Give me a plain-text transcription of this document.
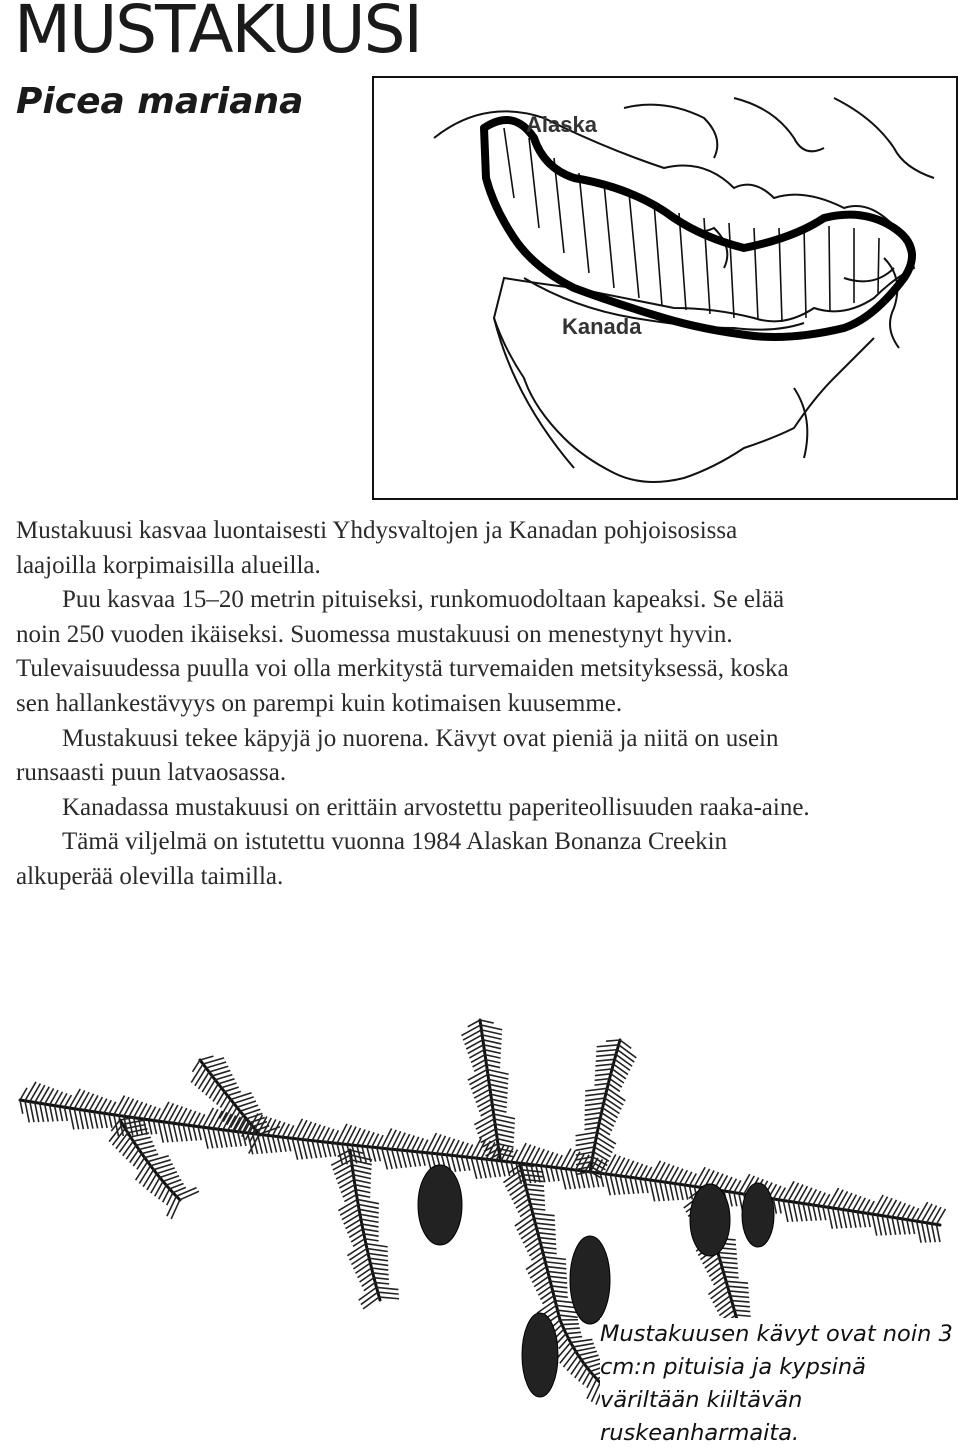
MUSTAKUUSI
Picea mariana
Alaska
Kanada

Mustakuusi kasvaa luontaisesti Yhdysvaltojen ja Kanadan pohjoisosissa laajoilla korpimaisilla alueilla.

Puu kasvaa 15–20 metrin pituiseksi, runkomuodoltaan kapeaksi. Se elää noin 250 vuoden ikäiseksi. Suomessa mustakuusi on menestynyt hyvin. Tulevaisuudessa puulla voi olla merkitystä turvemaiden metsityksessä, koska sen hallankestävyys on parempi kuin kotimaisen kuusemme.

Mustakuusi tekee käpyjä jo nuorena. Kävyt ovat pieniä ja niitä on usein runsaasti puun latvaosassa.

Kanadassa mustakuusi on erittäin arvostettu paperiteollisuuden raaka-aine.

Tämä viljelmä on istutettu vuonna 1984 Alaskan Bonanza Creekin alkuperää olevilla taimilla.

Mustakuusen kävyt ovat noin 3 cm:n pituisia ja kypsinä väriltään kiiltävän ruskeanharmaita.
